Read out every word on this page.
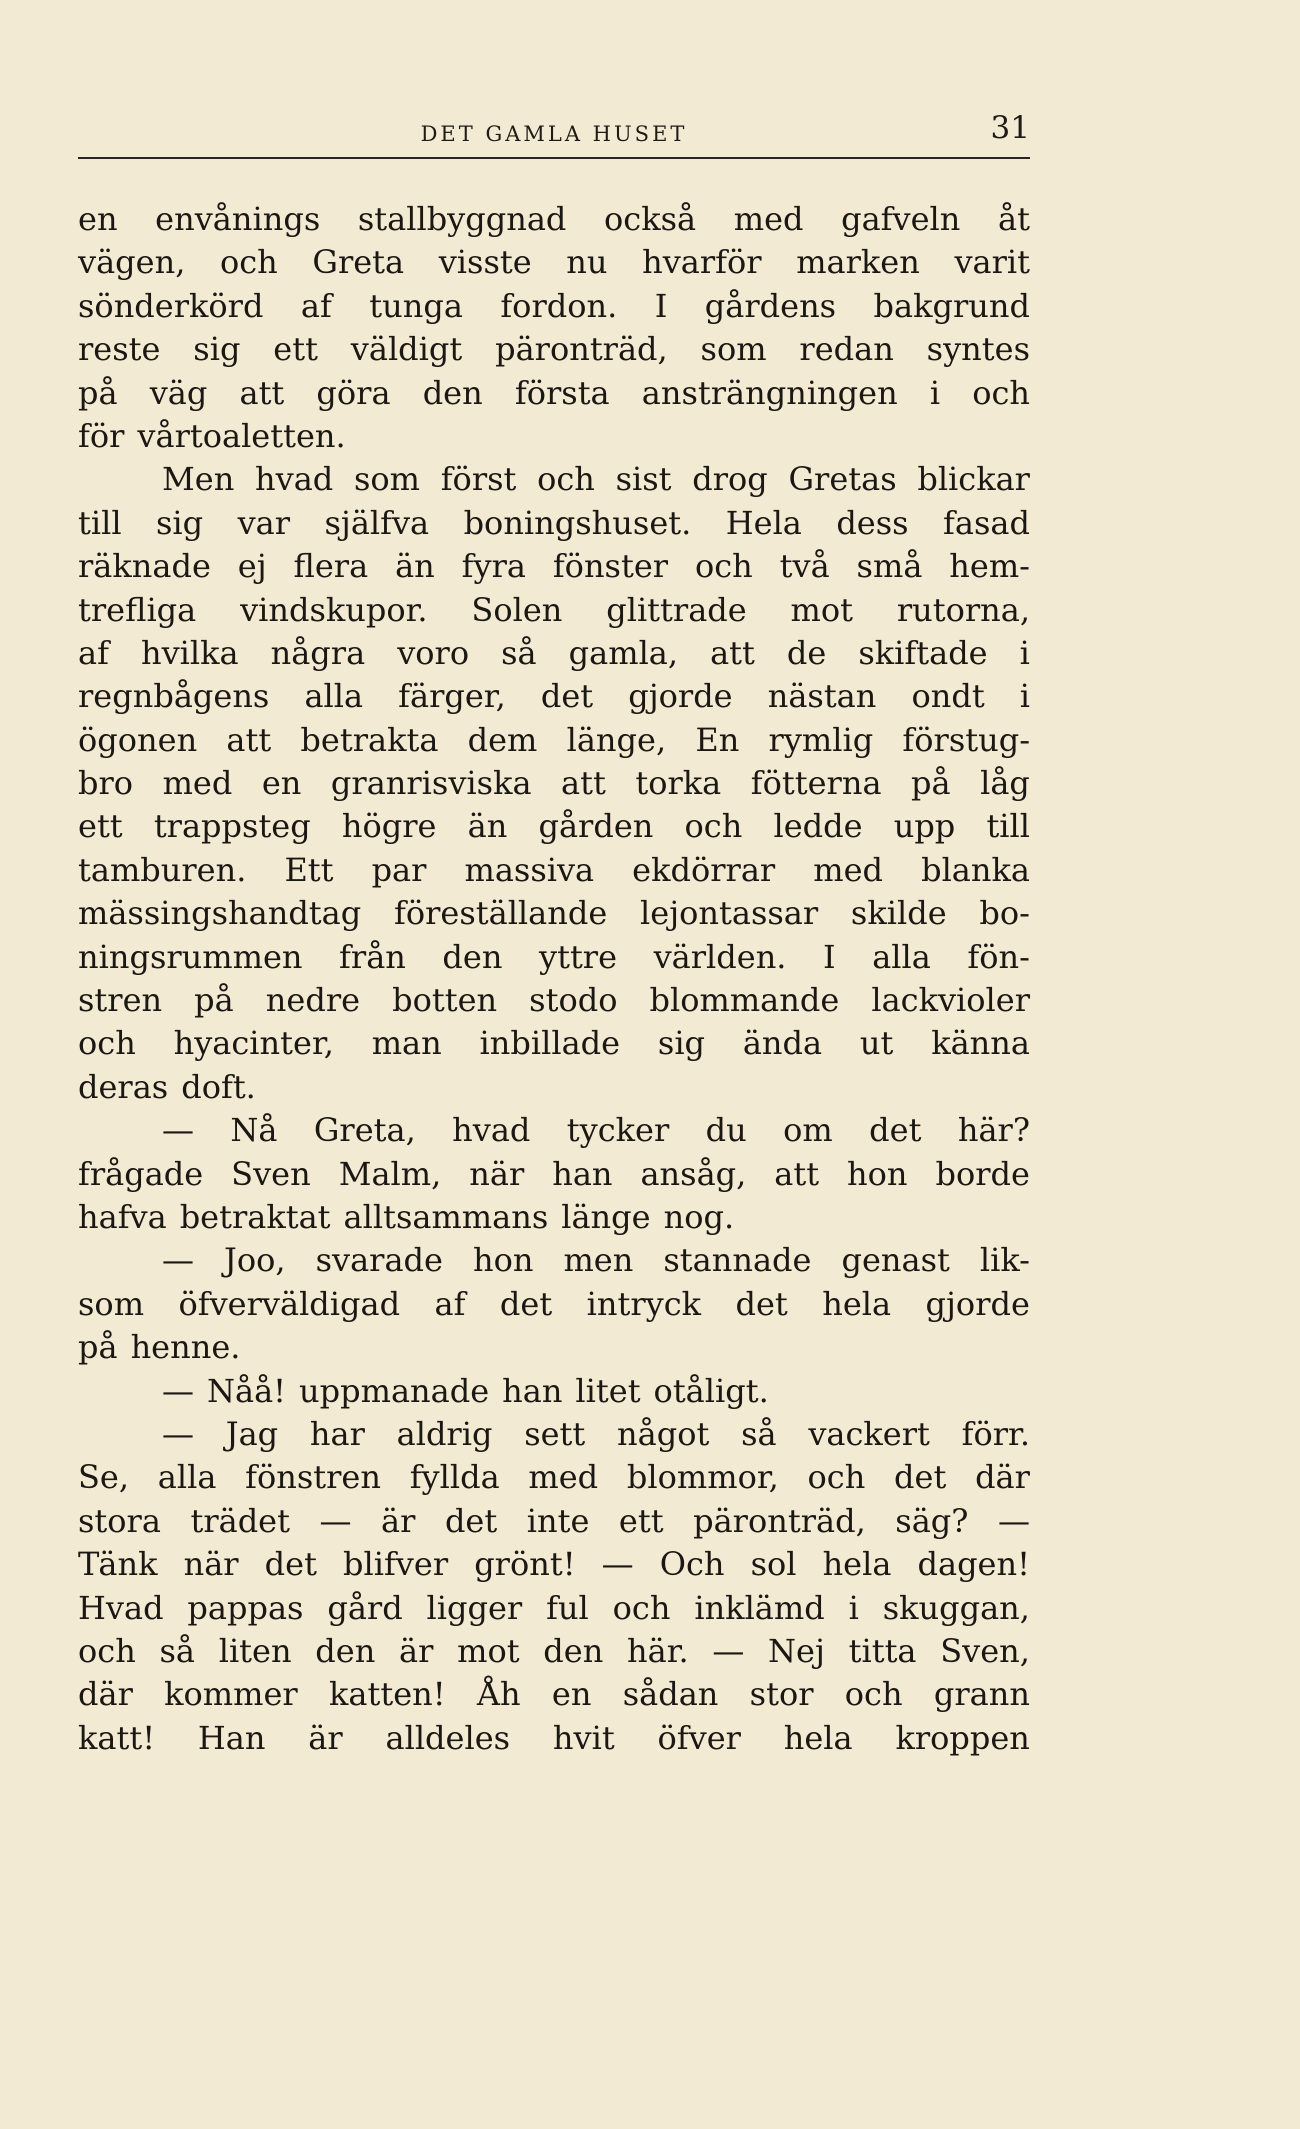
DET GAMLA HUSET	31
en envånings stallbyggnad också med gafveln åt
vägen, och Greta visste nu hvarför marken varit
sönderkörd af tunga fordon. I gårdens bakgrund
reste sig ett väldigt päronträd, som redan syntes
på väg att göra den första ansträngningen i och
för vårtoaletten.
Men hvad som först och sist drog Gretas blickar
till sig var själfva boningshuset. Hela dess fasad
räknade ej flera än fyra fönster och två små hem-
trefliga vindskupor. Solen glittrade mot rutorna,
af hvilka några voro så gamla, att de skiftade i
regnbågens alla färger, det gjorde nästan ondt i
ögonen att betrakta dem länge, En rymlig förstug-
bro med en granrisviska att torka fötterna på låg
ett trappsteg högre än gården och ledde upp till
tamburen. Ett par massiva ekdörrar med blanka
mässingshandtag föreställande lejontassar skilde bo-
ningsrummen från den yttre världen. I alla fön-
stren på nedre botten stodo blommande lackvioler
och hyacinter, man inbillade sig ända ut känna
deras doft.
— Nå Greta, hvad tycker du om det här?
frågade Sven Malm, när han ansåg, att hon borde
hafva betraktat alltsammans länge nog.
— Joo, svarade hon men stannade genast lik-
som öfverväldigad af det intryck det hela gjorde
på henne.
— Nåå! uppmanade han litet otåligt.
— Jag har aldrig sett något så vackert förr.
Se, alla fönstren fyllda med blommor, och det där
stora trädet — är det inte ett päronträd, säg? —
Tänk när det blifver grönt! — Och sol hela dagen!
Hvad pappas gård ligger ful och inklämd i skuggan,
och så liten den är mot den här. — Nej titta Sven,
där kommer katten! Åh en sådan stor och grann
katt! Han är alldeles hvit öfver hela kroppen
